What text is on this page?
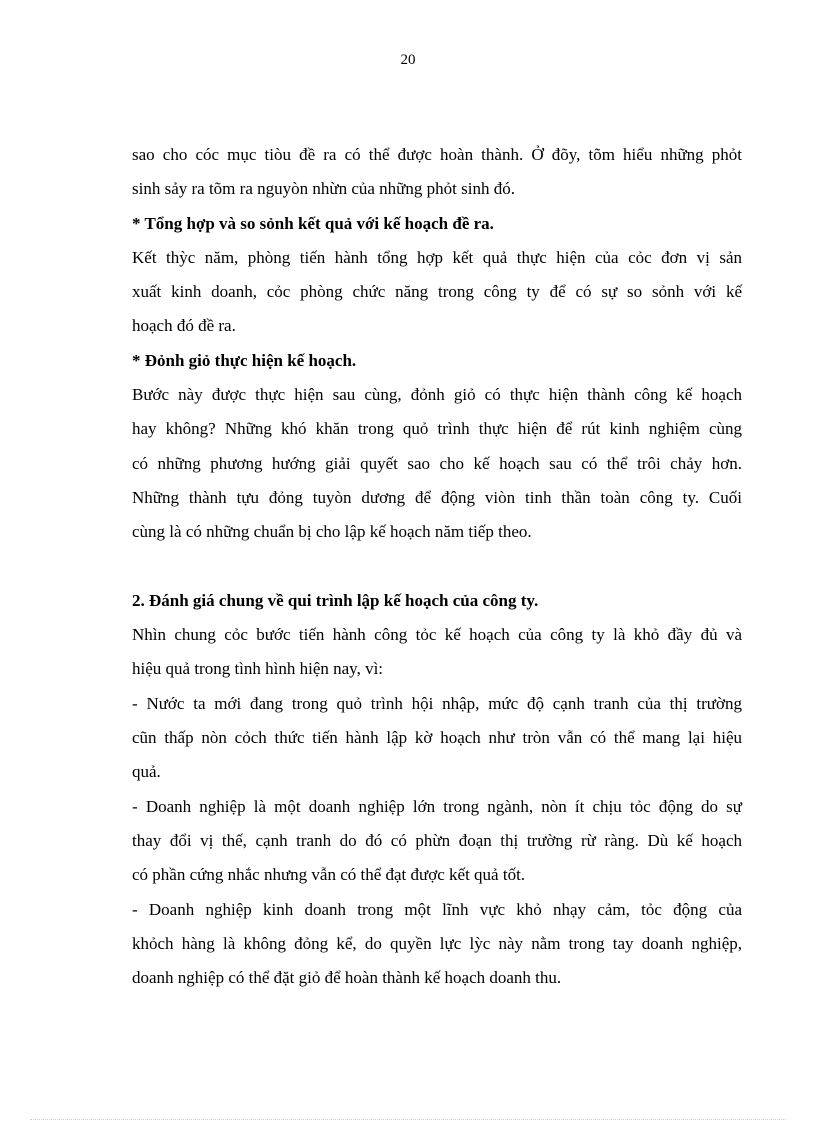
20
sao cho cóc mục tiòu đề ra có thể được hoàn thành. Ở đõy, tõm hiểu những phỏt
sinh sảy ra tõm ra nguyòn nhừn của những phỏt sinh đó.
* Tổng hợp và so sỏnh kết quả với kế hoạch đề ra.
Kết thỳc năm, phòng tiến hành tổng hợp kết quả thực hiện của cỏc đơn vị sản
xuất kinh doanh, cỏc phòng chức năng trong công ty để có sự so sỏnh với kế
hoạch đó đề ra.
* Đỏnh giỏ thực hiện kế hoạch.
Bước này được thực hiện sau cùng, đỏnh giỏ có thực hiện thành công kế hoạch
hay không? Những khó khăn trong quỏ trình thực hiện để rút kinh nghiệm cùng
có những phương hướng giải quyết sao cho kế hoạch sau có thể trôi chảy hơn.
Những thành tựu đỏng tuyòn dương để động viòn tinh thần toàn công ty. Cuối
cùng là có những chuẩn bị cho lập kế hoạch năm tiếp theo.
2. Đánh giá chung về qui trình lập kế hoạch của công ty.
Nhìn chung cỏc bước tiến hành công tỏc kế hoạch của công ty là khỏ đầy đủ và
hiệu quả trong tình hình hiện nay, vì:
- Nước ta mới đang trong quỏ trình hội nhập, mức độ cạnh tranh của thị trường
cũn thấp nòn cỏch thức tiến hành lập kờ hoạch như tròn vẫn có thể mang lại hiệu
quả.
- Doanh nghiệp là một doanh nghiệp lớn trong ngành, nòn ít chịu tỏc động do sự
thay đổi vị thế, cạnh tranh do đó có phừn đoạn thị trường rừ ràng. Dù kế hoạch
có phần cứng nhắc nhưng vẫn có thể đạt được kết quả tốt.
- Doanh nghiệp kinh doanh trong một lĩnh vực khỏ nhạy cảm, tỏc động của
khỏch hàng là không đỏng kể, do quyền lực lỳc này nằm trong tay doanh nghiệp,
doanh nghiệp có thể đặt giỏ để hoàn thành kế hoạch doanh thu.
